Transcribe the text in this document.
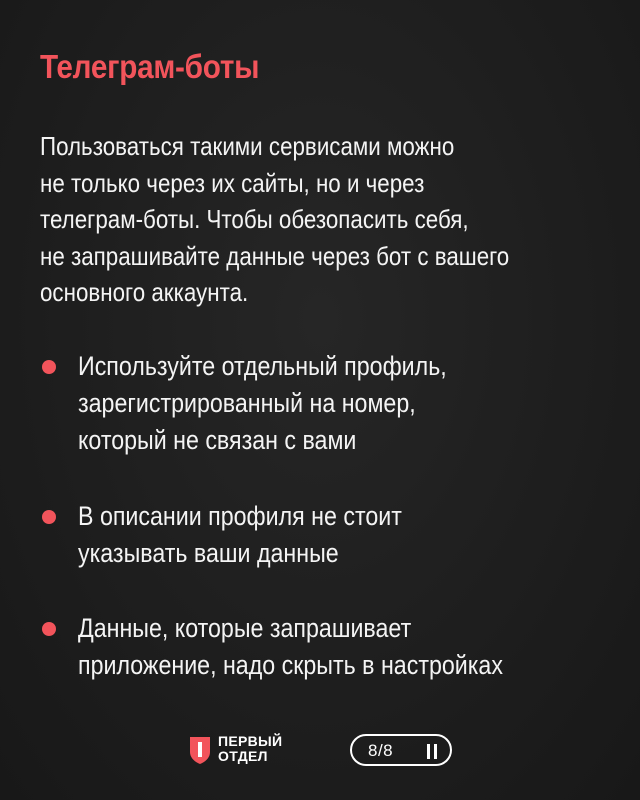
Телеграм-боты
Пользоваться такими сервисами можно
не только через их сайты, но и через
телеграм-боты. Чтобы обезопасить себя,
не запрашивайте данные через бот с вашего
основного аккаунта.
Используйте отдельный профиль,
зарегистрированный на номер,
который не связан с вами
В описании профиля не стоит
указывать ваши данные
Данные, которые запрашивает
приложение, надо скрыть в настройках
ПЕРВЫЙ
ОТДЕЛ	8/8
